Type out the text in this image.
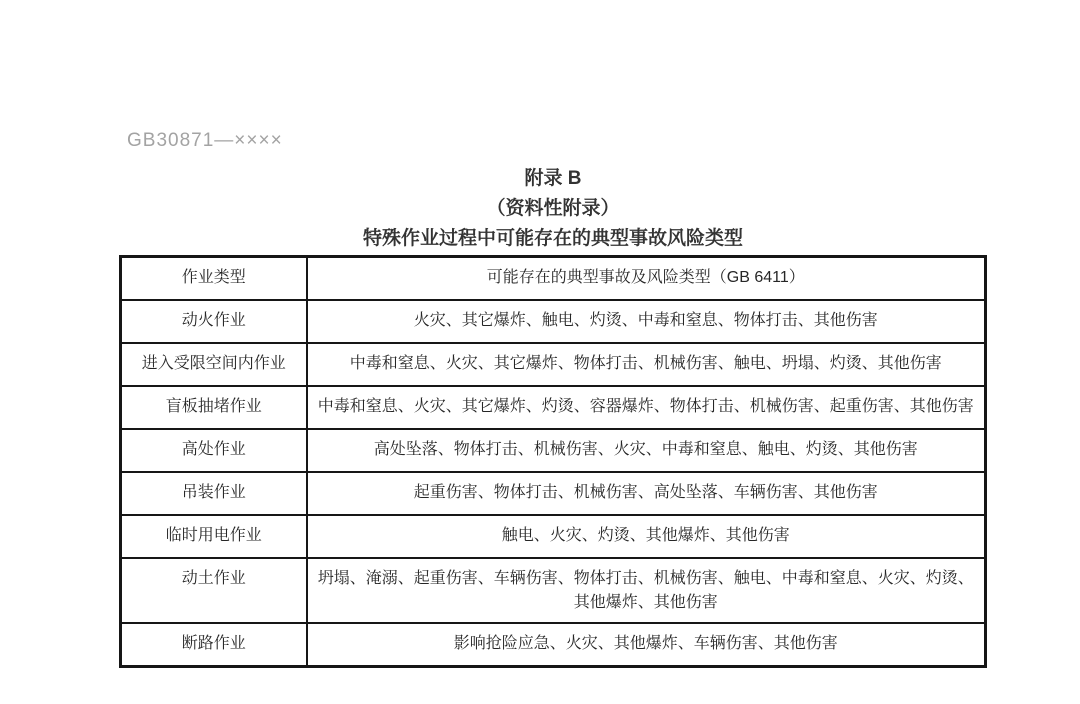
GB30871—××××
附录 B
（资料性附录）
特殊作业过程中可能存在的典型事故风险类型
作业类型	可能存在的典型事故及风险类型（GB 6411）
动火作业	火灾、其它爆炸、触电、灼烫、中毒和窒息、物体打击、其他伤害
进入受限空间内作业	中毒和窒息、火灾、其它爆炸、物体打击、机械伤害、触电、坍塌、灼烫、其他伤害
盲板抽堵作业	中毒和窒息、火灾、其它爆炸、灼烫、容器爆炸、物体打击、机械伤害、起重伤害、其他伤害
高处作业	高处坠落、物体打击、机械伤害、火灾、中毒和窒息、触电、灼烫、其他伤害
吊装作业	起重伤害、物体打击、机械伤害、高处坠落、车辆伤害、其他伤害
临时用电作业	触电、火灾、灼烫、其他爆炸、其他伤害
动土作业	坍塌、淹溺、起重伤害、车辆伤害、物体打击、机械伤害、触电、中毒和窒息、火灾、灼烫、其他爆炸、其他伤害
断路作业	影响抢险应急、火灾、其他爆炸、车辆伤害、其他伤害
